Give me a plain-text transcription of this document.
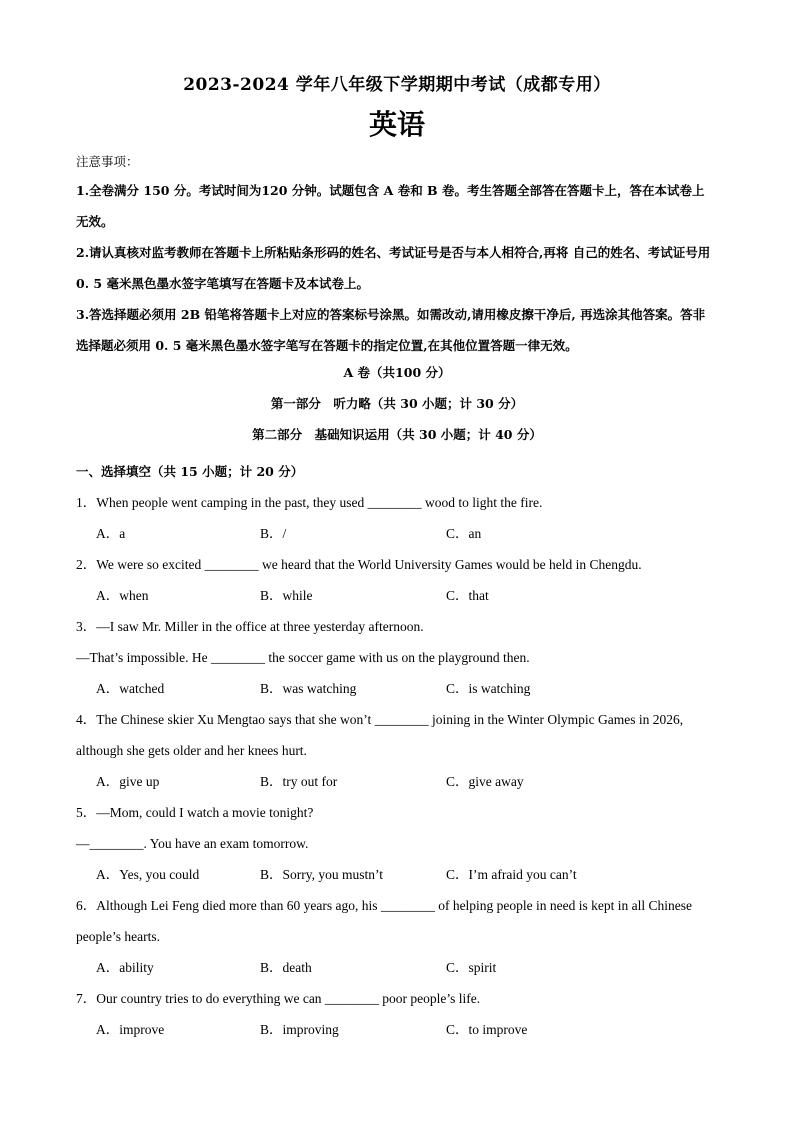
2023-2024 学年八年级下学期期中考试（成都专用）
英语
注意事项：

1.全卷满分 150 分。考试时间为120 分钟。试题包含 A 卷和 B 卷。考生答题全部答在答题卡上，答在本试卷上无效。

2.请认真核对监考教师在答题卡上所粘贴条形码的姓名、考试证号是否与本人相符合,再将 自己的姓名、考试证号用 0. 5 毫米黑色墨水签字笔填写在答题卡及本试卷上。

3.答选择题必须用 2B 铅笔将答题卡上对应的答案标号涂黑。如需改动,请用橡皮擦干净后, 再选涂其他答案。答非选择题必须用 0. 5 毫米黑色墨水签字笔写在答题卡的指定位置,在其他位置答题一律无效。

A 卷（共100 分）
第一部分　听力略（共 30 小题；计 30 分）
第二部分　基础知识运用（共 30 小题；计 40 分）
一、选择填空（共 15 小题；计 20 分）

1．When people went camping in the past, they used ________ wood to light the fire.

A．a	B．/	C．an

2．We were so excited ________ we heard that the World University Games would be held in Chengdu.

A．when	B．while	C．that

3．—I saw Mr. Miller in the office at three yesterday afternoon.

—That’s impossible. He ________ the soccer game with us on the playground then.

A．watched	B．was watching	C．is watching

4．The Chinese skier Xu Mengtao says that she won’t ________ joining in the Winter Olympic Games in 2026,

although she gets older and her knees hurt.

A．give up	B．try out for	C．give away

5．—Mom, could I watch a movie tonight?

—________. You have an exam tomorrow.

A．Yes, you could	B．Sorry, you mustn’t	C．I’m afraid you can’t

6．Although Lei Feng died more than 60 years ago, his ________ of helping people in need is kept in all Chinese

people’s hearts.

A．ability	B．death	C．spirit

7．Our country tries to do everything we can ________ poor people’s life.

A．improve	B．improving	C．to improve
